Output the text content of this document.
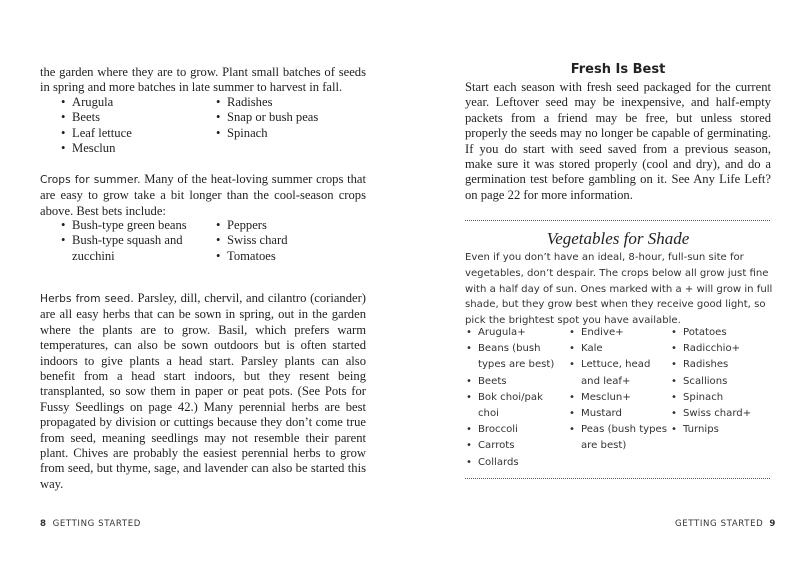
the garden where they are to grow. Plant small batches of seeds in spring and more batches in late summer to harvest in fall.
• Arugula
• Beets
• Leaf lettuce
• Mesclun
• Radishes
• Snap or bush peas
• Spinach
Crops for summer. Many of the heat-loving summer crops that are easy to grow take a bit longer than the cool-season crops above. Best bets include:
• Bush-type green beans
• Bush-type squash and zucchini
• Peppers
• Swiss chard
• Tomatoes
Herbs from seed. Parsley, dill, chervil, and cilantro (coriander) are all easy herbs that can be sown in spring, out in the garden where the plants are to grow. Basil, which prefers warm temperatures, can also be sown outdoors but is often started indoors to give plants a head start. Parsley plants can also benefit from a head start indoors, but they resent being transplanted, so sow them in paper or peat pots. (See Pots for Fussy Seedlings on page 42.) Many perennial herbs are best propagated by division or cuttings because they don’t come true from seed, meaning seedlings may not resemble their parent plant. Chives are probably the easiest perennial herbs to grow from seed, but thyme, sage, and lavender can also be started this way.
8 GETTING STARTED
Fresh Is Best
Start each season with fresh seed packaged for the current year. Leftover seed may be inexpensive, and half-empty packets from a friend may be free, but unless stored properly the seeds may no longer be capable of germinating. If you do start with seed saved from a previous season, make sure it was stored properly (cool and dry), and do a germination test before gambling on it. See Any Life Left? on page 22 for more information.
Vegetables for Shade
Even if you don’t have an ideal, 8-hour, full-sun site for vegetables, don’t despair. The crops below all grow just fine with a half day of sun. Ones marked with a + will grow in full shade, but they grow best when they receive good light, so pick the brightest spot you have available.
• Arugula+
• Beans (bush types are best)
• Beets
• Bok choi/pak choi
• Broccoli
• Carrots
• Collards
• Endive+
• Kale
• Lettuce, head and leaf+
• Mesclun+
• Mustard
• Peas (bush types are best)
• Potatoes
• Radicchio+
• Radishes
• Scallions
• Spinach
• Swiss chard+
• Turnips
GETTING STARTED 9
